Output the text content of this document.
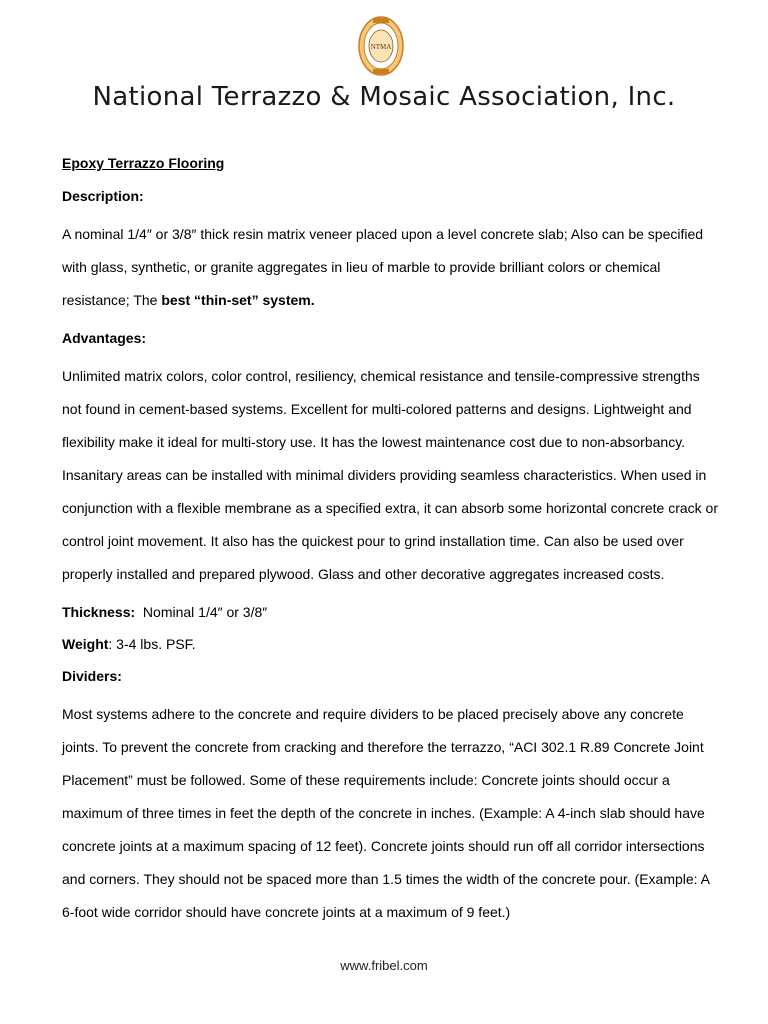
NTMA
National Terrazzo & Mosaic Association, Inc.
Epoxy Terrazzo Flooring
Description:

A nominal 1/4″ or 3/8″ thick resin matrix veneer placed upon a level concrete slab; Also can be specified with glass, synthetic, or granite aggregates in lieu of marble to provide brilliant colors or chemical resistance; The best “thin-set” system.

Advantages:

Unlimited matrix colors, color control, resiliency, chemical resistance and tensile-compressive strengths not found in cement-based systems. Excellent for multi-colored patterns and designs. Lightweight and flexibility make it ideal for multi-story use. It has the lowest maintenance cost due to non-absorbancy. Insanitary areas can be installed with minimal dividers providing seamless characteristics. When used in conjunction with a flexible membrane as a specified extra, it can absorb some horizontal concrete crack or control joint movement. It also has the quickest pour to grind installation time. Can also be used over properly installed and prepared plywood. Glass and other decorative aggregates increased costs.

Thickness: Nominal 1/4″ or 3/8″
Weight: 3-4 lbs. PSF.
Dividers:

Most systems adhere to the concrete and require dividers to be placed precisely above any concrete joints. To prevent the concrete from cracking and therefore the terrazzo, “ACI 302.1 R.89 Concrete Joint Placement” must be followed. Some of these requirements include: Concrete joints should occur a maximum of three times in feet the depth of the concrete in inches. (Example: A 4-inch slab should have concrete joints at a maximum spacing of 12 feet). Concrete joints should run off all corridor intersections and corners. They should not be spaced more than 1.5 times the width of the concrete pour. (Example: A 6-foot wide corridor should have concrete joints at a maximum of 9 feet.)

www.fribel.com
